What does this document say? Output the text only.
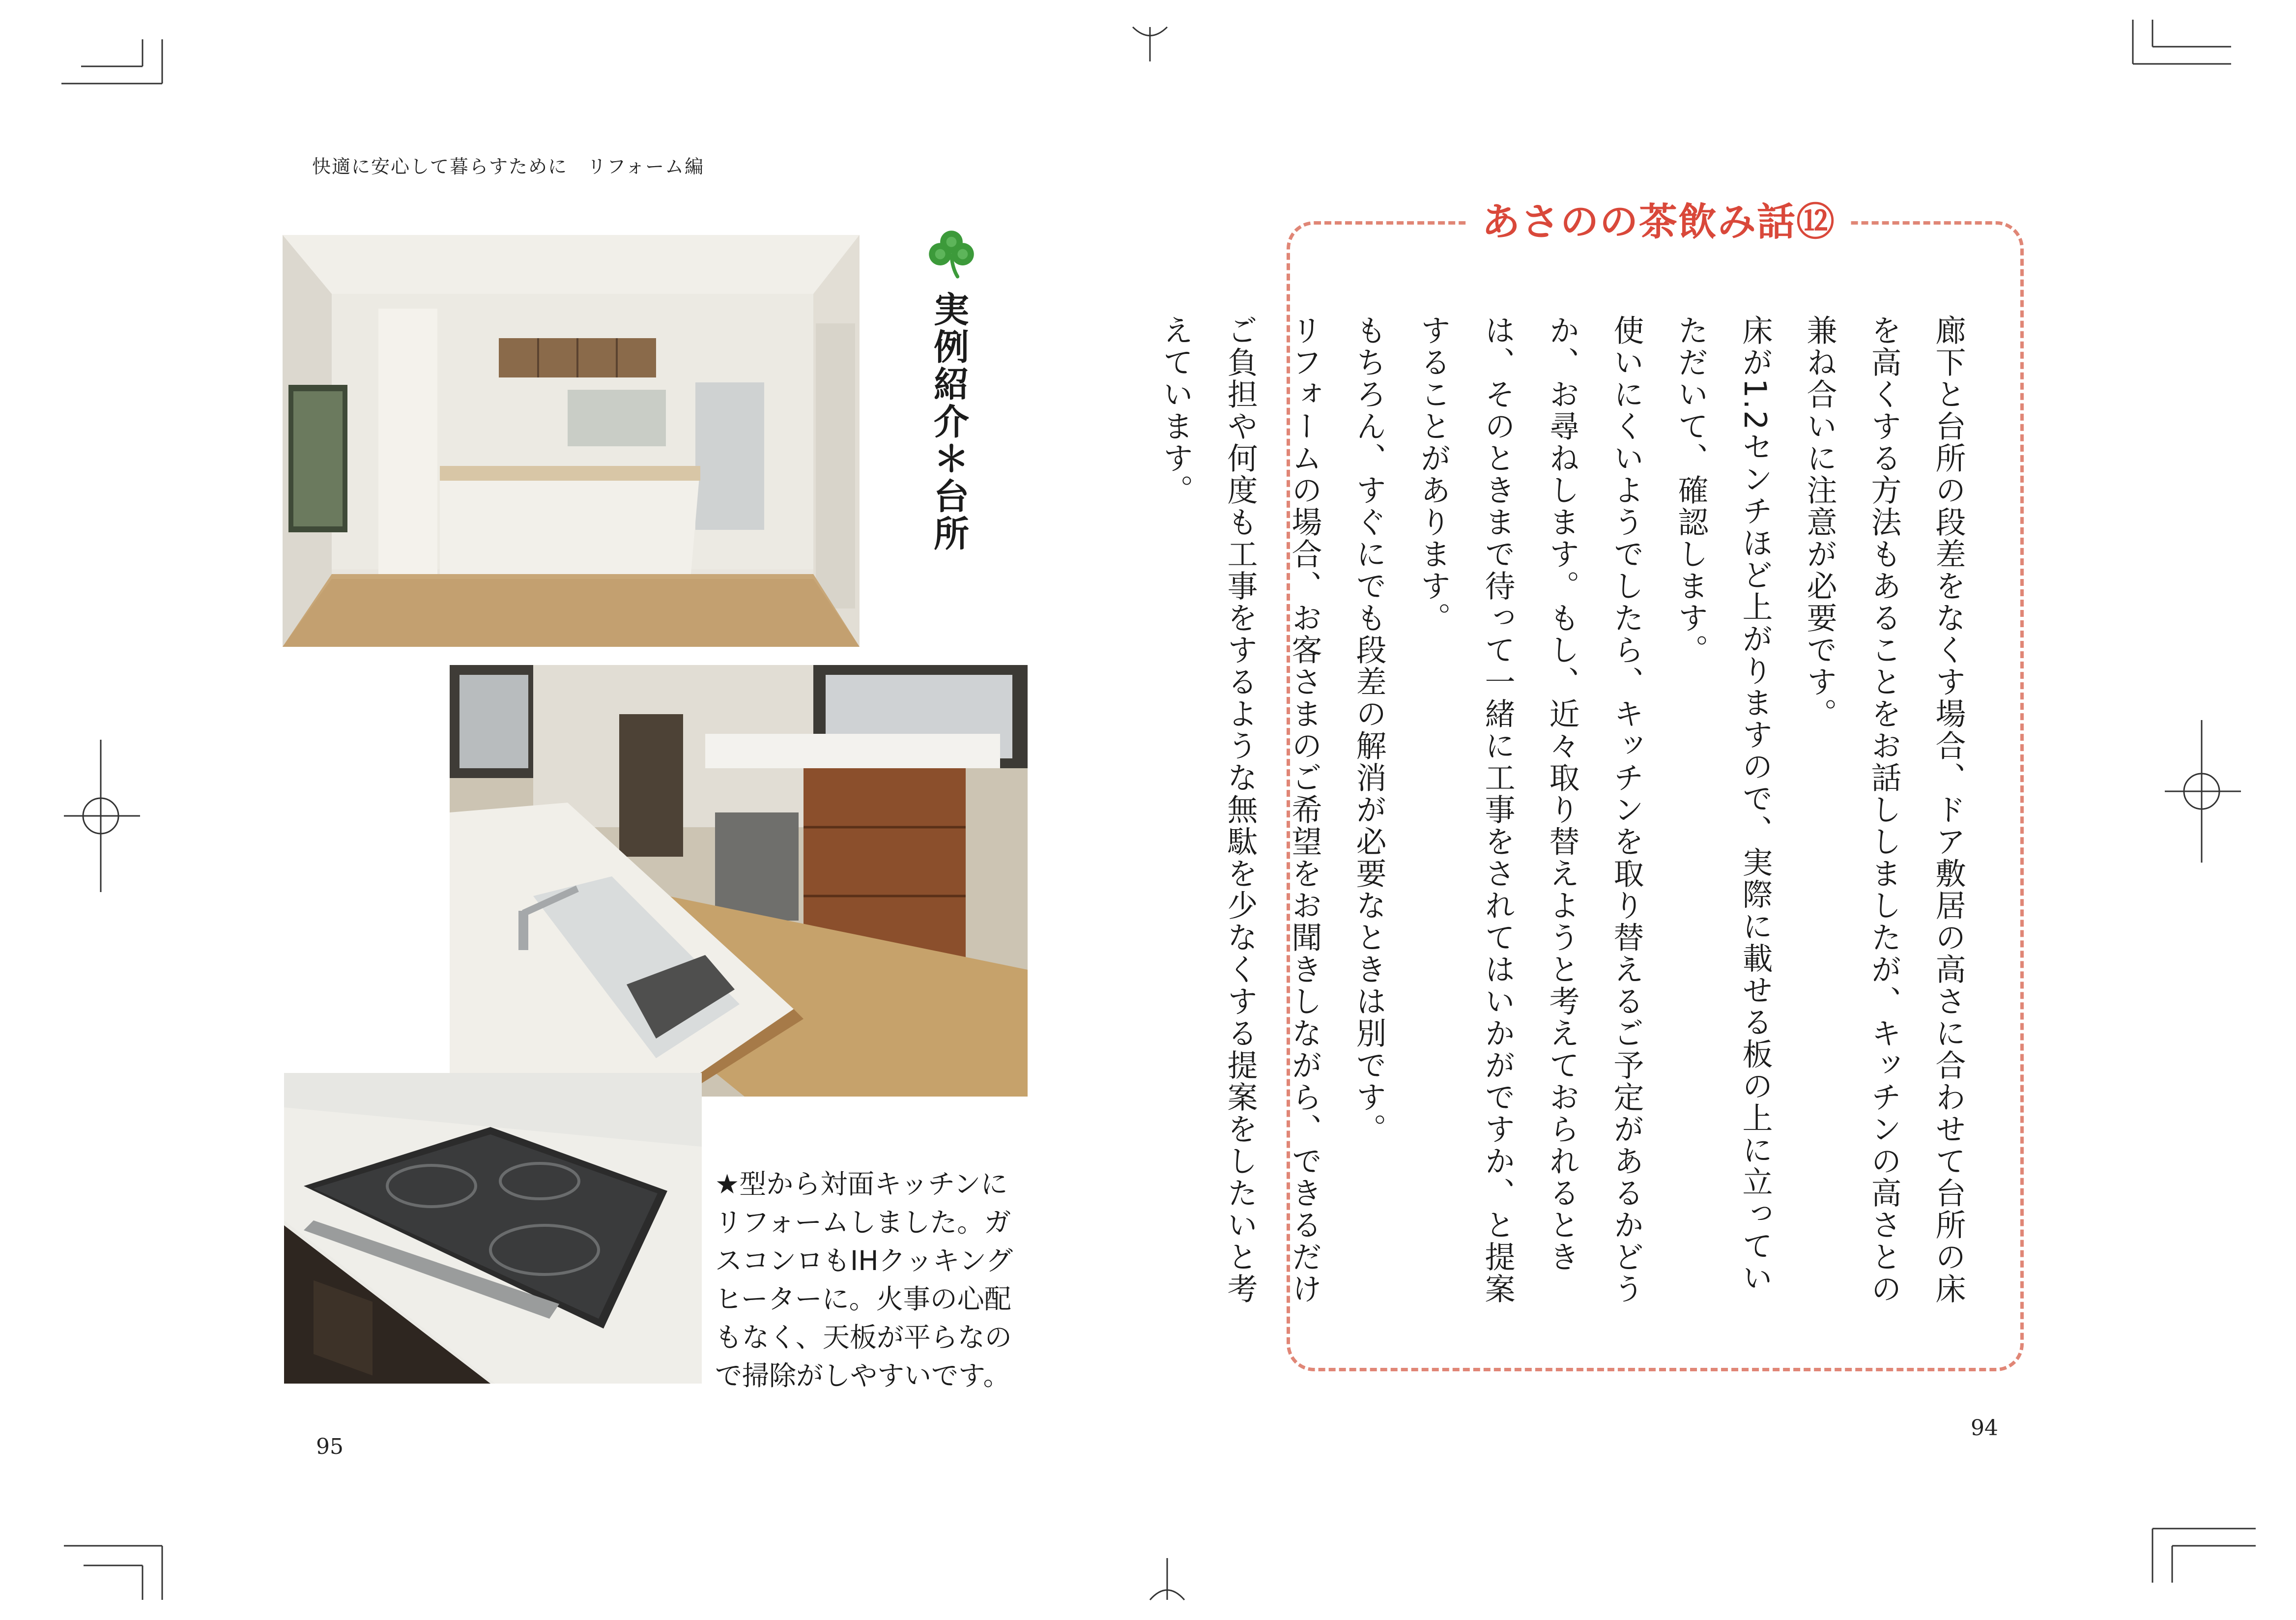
快適に安心して暮らすために　リフォーム編
実例紹介＊台所
★型から対面キッチンにリフォームしました。ガスコンロもIHクッキングヒーターに。火事の心配もなく、天板が平らなので掃除がしやすいです。
95
あさのの茶飲み話⑫

廊下と台所の段差をなくす場合、ドア敷居の高さに合わせて台所の床を高くする方法もあることをお話ししましたが、キッチンの高さとの兼ね合いに注意が必要です。

床が1.2センチほど上がりますので、実際に載せる板の上に立っていただいて、確認します。

使いにくいようでしたら、キッチンを取り替えるご予定があるかどうか、お尋ねします。もし、近々取り替えようと考えておられるときは、そのときまで待って一緒に工事をされてはいかがですか、と提案することがあります。

もちろん、すぐにでも段差の解消が必要なときは別です。

リフォームの場合、お客さまのご希望をお聞きしながら、できるだけご負担や何度も工事をするような無駄を少なくする提案をしたいと考えています。

94
